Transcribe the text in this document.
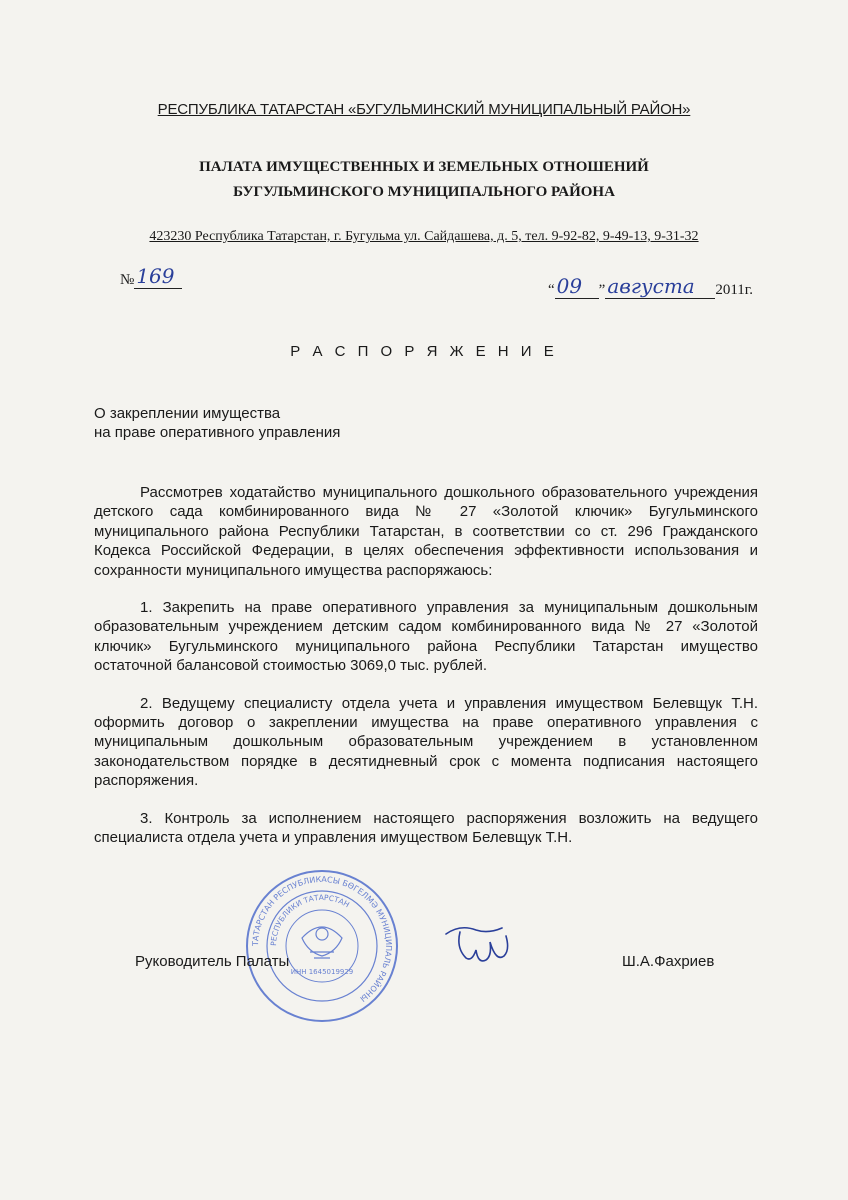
РЕСПУБЛИКА ТАТАРСТАН «БУГУЛЬМИНСКИЙ МУНИЦИПАЛЬНЫЙ РАЙОН»
ПАЛАТА ИМУЩЕСТВЕННЫХ И ЗЕМЕЛЬНЫХ ОТНОШЕНИЙ
БУГУЛЬМИНСКОГО МУНИЦИПАЛЬНОГО РАЙОНА
423230 Республика Татарстан, г. Бугульма ул. Сайдашева, д. 5, тел. 9-92-82, 9-49-13, 9-31-32
№ 169
“ 09 ” августа 2011г.
Р А С П О Р Я Ж Е Н И Е
О закреплении имущества
на праве оперативного управления

Рассмотрев ходатайство муниципального дошкольного образовательного учреждения детского сада комбинированного вида № 27 «Золотой ключик» Бугульминского муниципального района Республики Татарстан, в соответствии со ст. 296 Гражданского Кодекса Российской Федерации, в целях обеспечения эффективности использования и сохранности муниципального имущества распоряжаюсь:

1. Закрепить на праве оперативного управления за муниципальным дошкольным образовательным учреждением детским садом комбинированного вида № 27 «Золотой ключик» Бугульминского муниципального района Республики Татарстан имущество остаточной балансовой стоимостью 3069,0 тыс. рублей.

2. Ведущему специалисту отдела учета и управления имуществом Белевщук Т.Н. оформить договор о закреплении имущества на праве оперативного управления с муниципальным дошкольным образовательным учреждением в установленном законодательством порядке в десятидневный срок с момента подписания настоящего распоряжения.

3. Контроль за исполнением настоящего распоряжения возложить на ведущего специалиста отдела учета и управления имуществом Белевщук Т.Н.

ТАТАРСТАН РЕСПУБЛИКАСЫ БӨГЕЛМӘ МУНИЦИПАЛЬ РАЙОНЫ
РЕСПУБЛИКИ ТАТАРСТАН
ИНН 1645019929
Руководитель Палаты	Ш.А.Фахриев
